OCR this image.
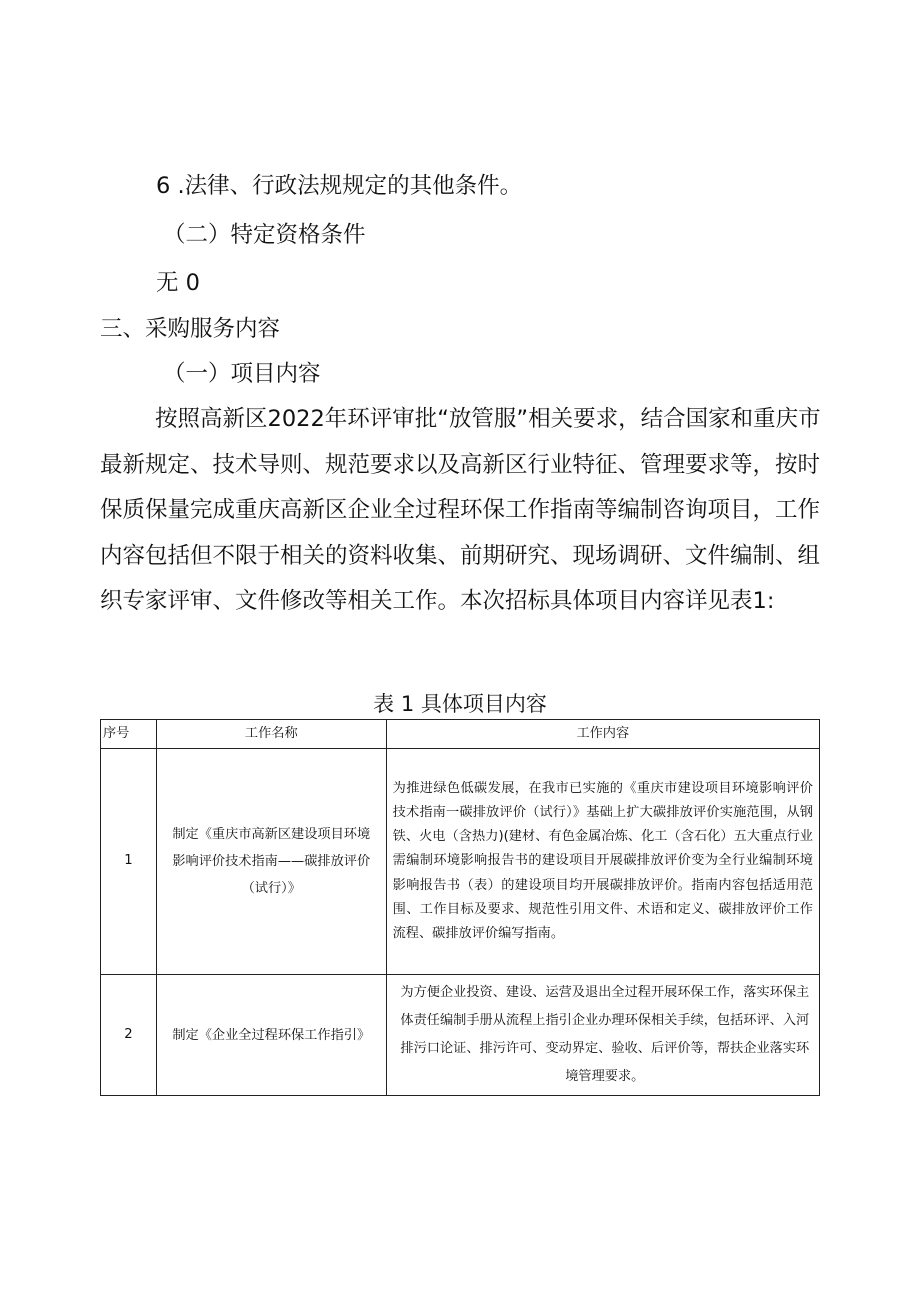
6 .法律、行政法规规定的其他条件。
（二）特定资格条件
无 0
三、采购服务内容
（一）项目内容
按照高新区2022年环评审批“放管服”相关要求，结合国家和重庆市最新规定、技术导则、规范要求以及高新区行业特征、管理要求等，按时保质保量完成重庆高新区企业全过程环保工作指南等编制咨询项目，工作内容包括但不限于相关的资料收集、前期研究、现场调研、文件编制、组织专家评审、文件修改等相关工作。本次招标具体项目内容详见表1:
表 1 具体项目内容
序号	工作名称	工作内容
1	制定《重庆市高新区建设项目环境影响评价技术指南——碳排放评价（试行）》	为推进绿色低碳发展，在我市已实施的《重庆市建设项目环境影响评价技术指南一碳排放评价（试行）》基础上扩大碳排放评价实施范围，从钢铁、火电（含热力)(建材、有色金属冶炼、化工（含石化）五大重点行业需编制环境影响报告书的建设项目开展碳排放评价变为全行业编制环境影响报告书（表）的建设项目均开展碳排放评价。指南内容包括适用范围、工作目标及要求、规范性引用文件、术语和定义、碳排放评价工作流程、碳排放评价编写指南。
2	制定《企业全过程环保工作指引》	为方便企业投资、建设、运营及退出全过程开展环保工作，落实环保主体责任编制手册从流程上指引企业办理环保相关手续，包括环评、入河排污口论证、排污许可、变动界定、验收、后评价等，帮扶企业落实环境管理要求。
